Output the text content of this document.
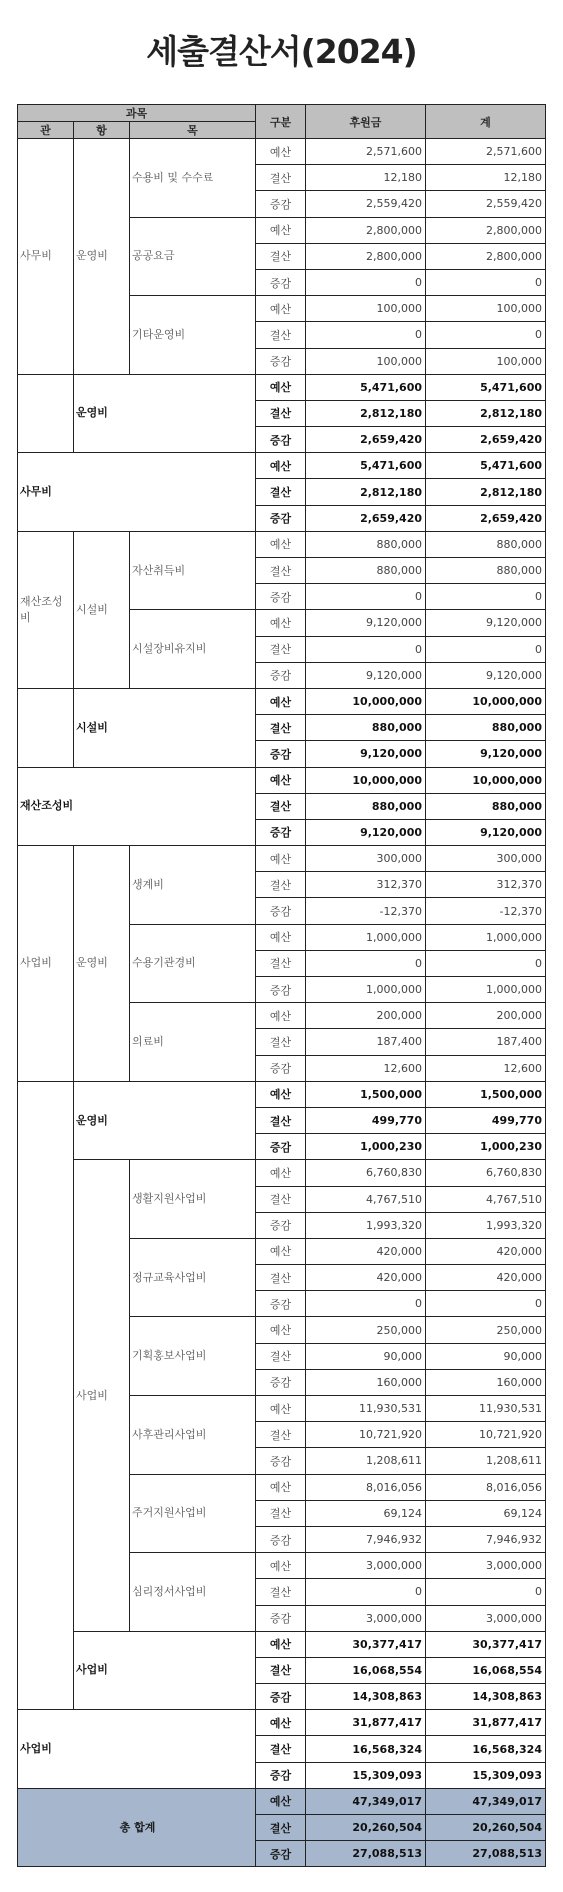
세출결산서(2024)
과목			구분	후원금	계
관	항	목			
사무비	운영비	수용비 및 수수료	예산	2,571,600	2,571,600
			결산	12,180	12,180
			증감	2,559,420	2,559,420
		공공요금	예산	2,800,000	2,800,000
			결산	2,800,000	2,800,000
			증감	0	0
		기타운영비	예산	100,000	100,000
			결산	0	0
			증감	100,000	100,000
	운영비		예산	5,471,600	5,471,600
			결산	2,812,180	2,812,180
			증감	2,659,420	2,659,420
사무비			예산	5,471,600	5,471,600
			결산	2,812,180	2,812,180
			증감	2,659,420	2,659,420
재산조성비	시설비	자산취득비	예산	880,000	880,000
			결산	880,000	880,000
			증감	0	0
		시설장비유지비	예산	9,120,000	9,120,000
			결산	0	0
			증감	9,120,000	9,120,000
	시설비		예산	10,000,000	10,000,000
			결산	880,000	880,000
			증감	9,120,000	9,120,000
재산조성비			예산	10,000,000	10,000,000
			결산	880,000	880,000
			증감	9,120,000	9,120,000
사업비	운영비	생계비	예산	300,000	300,000
			결산	312,370	312,370
			증감	-12,370	-12,370
		수용기관경비	예산	1,000,000	1,000,000
			결산	0	0
			증감	1,000,000	1,000,000
		의료비	예산	200,000	200,000
			결산	187,400	187,400
			증감	12,600	12,600
	운영비		예산	1,500,000	1,500,000
			결산	499,770	499,770
			증감	1,000,230	1,000,230
	사업비	생활지원사업비	예산	6,760,830	6,760,830
			결산	4,767,510	4,767,510
			증감	1,993,320	1,993,320
		정규교육사업비	예산	420,000	420,000
			결산	420,000	420,000
			증감	0	0
		기획홍보사업비	예산	250,000	250,000
			결산	90,000	90,000
			증감	160,000	160,000
		사후관리사업비	예산	11,930,531	11,930,531
			결산	10,721,920	10,721,920
			증감	1,208,611	1,208,611
		주거지원사업비	예산	8,016,056	8,016,056
			결산	69,124	69,124
			증감	7,946,932	7,946,932
		심리정서사업비	예산	3,000,000	3,000,000
			결산	0	0
			증감	3,000,000	3,000,000
	사업비		예산	30,377,417	30,377,417
			결산	16,068,554	16,068,554
			증감	14,308,863	14,308,863
사업비			예산	31,877,417	31,877,417
			결산	16,568,324	16,568,324
			증감	15,309,093	15,309,093
총 합계			예산	47,349,017	47,349,017
			결산	20,260,504	20,260,504
			증감	27,088,513	27,088,513
